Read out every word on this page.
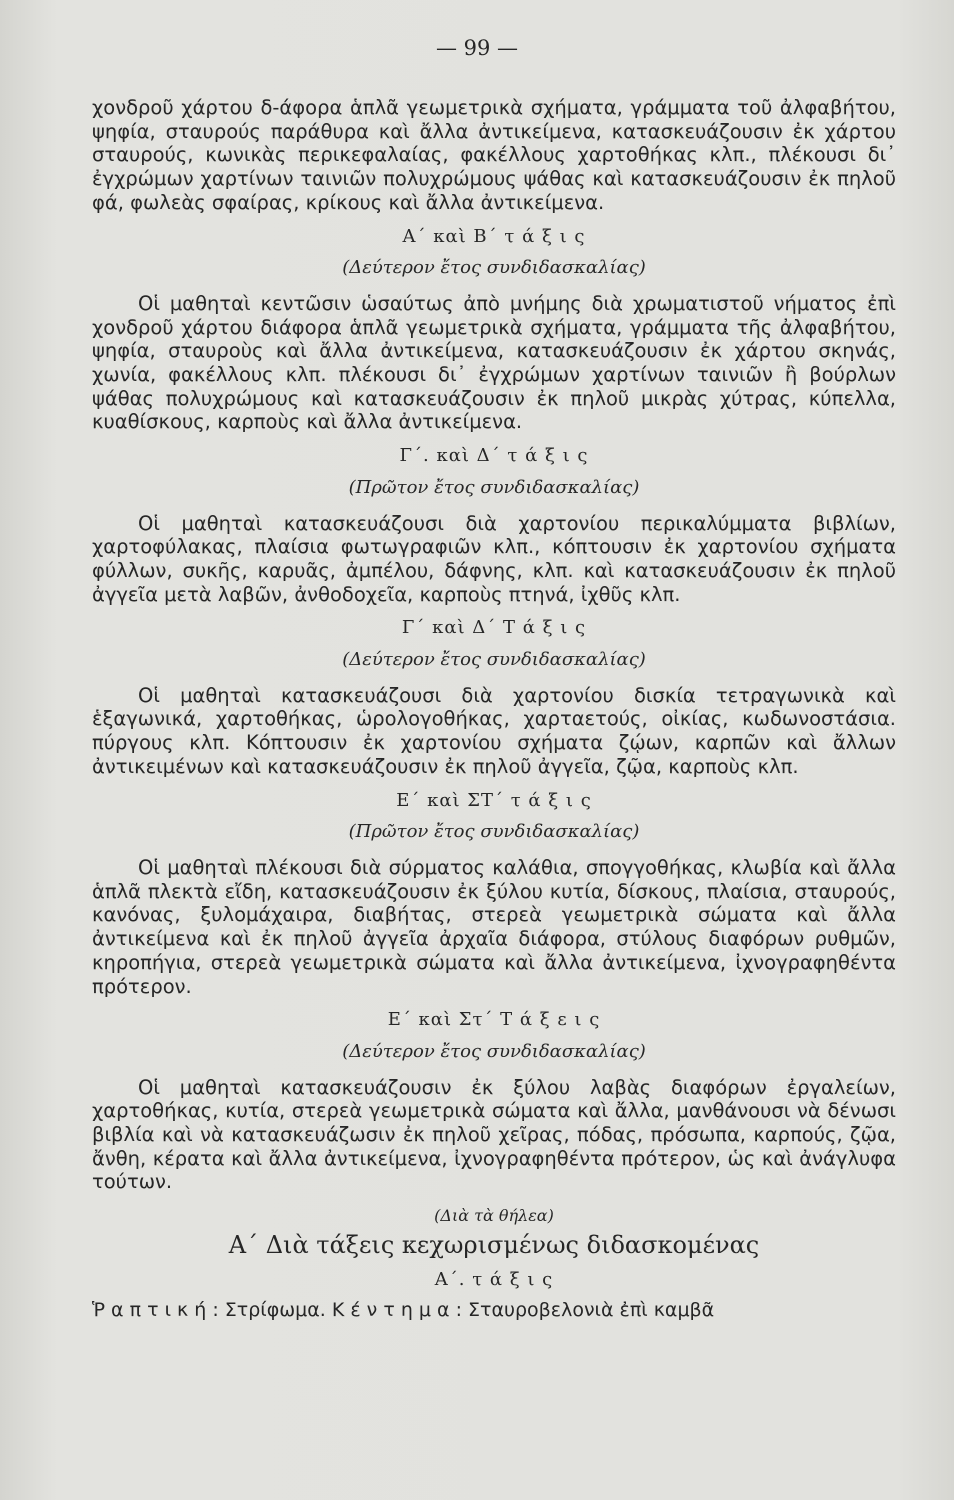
— 99 —

χονδροῦ χάρτου δ-άφορα ἁπλᾶ γεωμετρικὰ σχήματα, γράμματα τοῦ ἀλφαβήτου, ψηφία, σταυρούς παράθυρα καὶ ἄλλα ἀντικείμενα, κατασκευάζουσιν ἐκ χάρτου σταυρούς, κωνικὰς περικεφαλαίας, φακέλλους χαρτοθήκας κλπ., πλέκουσι δι᾽ ἐγχρώμων χαρτίνων ταινιῶν πολυχρώμους ψάθας καὶ κατασκευάζουσιν ἐκ πηλοῦ φά, φωλεὰς σφαίρας, κρίκους καὶ ἄλλα ἀντικείμενα.

Α΄ καὶ Β΄ τ ά ξ ι ς
(Δεύτερον ἔτος συνδιδασκαλίας)

Οἱ μαθηταὶ κεντῶσιν ὡσαύτως ἀπὸ μνήμης διὰ χρωματιστοῦ νήματος ἐπὶ χονδροῦ χάρτου διάφορα ἁπλᾶ γεωμετρικὰ σχήματα, γράμματα τῆς ἀλφαβήτου, ψηφία, σταυροὺς καὶ ἄλλα ἀντικείμενα, κατασκευάζουσιν ἐκ χάρτου σκηνάς, χωνία, φακέλλους κλπ. πλέκουσι δι᾽ ἐγχρώμων χαρτίνων ταινιῶν ἢ βούρλων ψάθας πολυχρώμους καὶ κατασκευάζουσιν ἐκ πηλοῦ μικρὰς χύτρας, κύπελλα, κυαθίσκους, καρποὺς καὶ ἄλλα ἀντικείμενα.

Γ΄. καὶ Δ΄ τ ά ξ ι ς
(Πρῶτον ἔτος συνδιδασκαλίας)

Οἱ μαθηταὶ κατασκευάζουσι διὰ χαρτονίου περικαλύμματα βιβλίων, χαρτοφύλακας, πλαίσια φωτωγραφιῶν κλπ., κόπτουσιν ἐκ χαρτονίου σχήματα φύλλων, συκῆς, καρυᾶς, ἀμπέλου, δάφνης, κλπ. καὶ κατασκευάζουσιν ἐκ πηλοῦ ἀγγεῖα μετὰ λαβῶν, ἀνθοδοχεῖα, καρποὺς πτηνά, ἰχθῦς κλπ.

Γ΄ καὶ Δ΄ Τ ά ξ ι ς
(Δεύτερον ἔτος συνδιδασκαλίας)

Οἱ μαθηταὶ κατασκευάζουσι διὰ χαρτονίου δισκία τετραγωνικὰ καὶ ἑξαγωνικά, χαρτοθήκας, ὡρολογοθήκας, χαρταετούς, οἰκίας, κωδωνοστάσια. πύργους κλπ. Κόπτουσιν ἐκ χαρτονίου σχήματα ζῴων, καρπῶν καὶ ἄλλων ἀντικειμένων καὶ κατασκευάζουσιν ἐκ πηλοῦ ἀγγεῖα, ζῷα, καρποὺς κλπ.

Ε΄ καὶ ΣΤ΄ τ ά ξ ι ς
(Πρῶτον ἔτος συνδιδασκαλίας)

Οἱ μαθηταὶ πλέκουσι διὰ σύρματος καλάθια, σπογγοθήκας, κλωβία καὶ ἄλλα ἁπλᾶ πλεκτὰ εἴδη, κατασκευάζουσιν ἐκ ξύλου κυτία, δίσκους, πλαίσια, σταυρούς, κανόνας, ξυλομάχαιρα, διαβήτας, στερεὰ γεωμετρικὰ σώματα καὶ ἄλλα ἀντικείμενα καὶ ἐκ πηλοῦ ἀγγεῖα ἀρχαῖα διάφορα, στύλους διαφόρων ρυθμῶν, κηροπήγια, στερεὰ γεωμετρικὰ σώματα καὶ ἄλλα ἀντικείμενα, ἰχνογραφηθέντα πρότερον.

Ε΄ καὶ Στ΄ Τ ά ξ ε ι ς
(Δεύτερον ἔτος συνδιδασκαλίας)

Οἱ μαθηταὶ κατασκευάζουσιν ἐκ ξύλου λαβὰς διαφόρων ἐργαλείων, χαρτοθήκας, κυτία, στερεὰ γεωμετρικὰ σώματα καὶ ἄλλα, μανθάνουσι νὰ δένωσι βιβλία καὶ νὰ κατασκευάζωσιν ἐκ πηλοῦ χεῖρας, πόδας, πρόσωπα, καρπούς, ζῷα, ἄνθη, κέρατα καὶ ἄλλα ἀντικείμενα, ἰχνογραφηθέντα πρότερον, ὡς καὶ ἀνάγλυφα τούτων.

(Διὰ τὰ θήλεα)
Α΄ Διὰ τάξεις κεχωρισμένως διδασκομένας
Α΄. τ ά ξ ι ς

Ῥ α π τ ι κ ή : Στρίφωμα. Κ έ ν τ η μ α : Σταυροβελονιὰ ἐπὶ καμβᾶ
